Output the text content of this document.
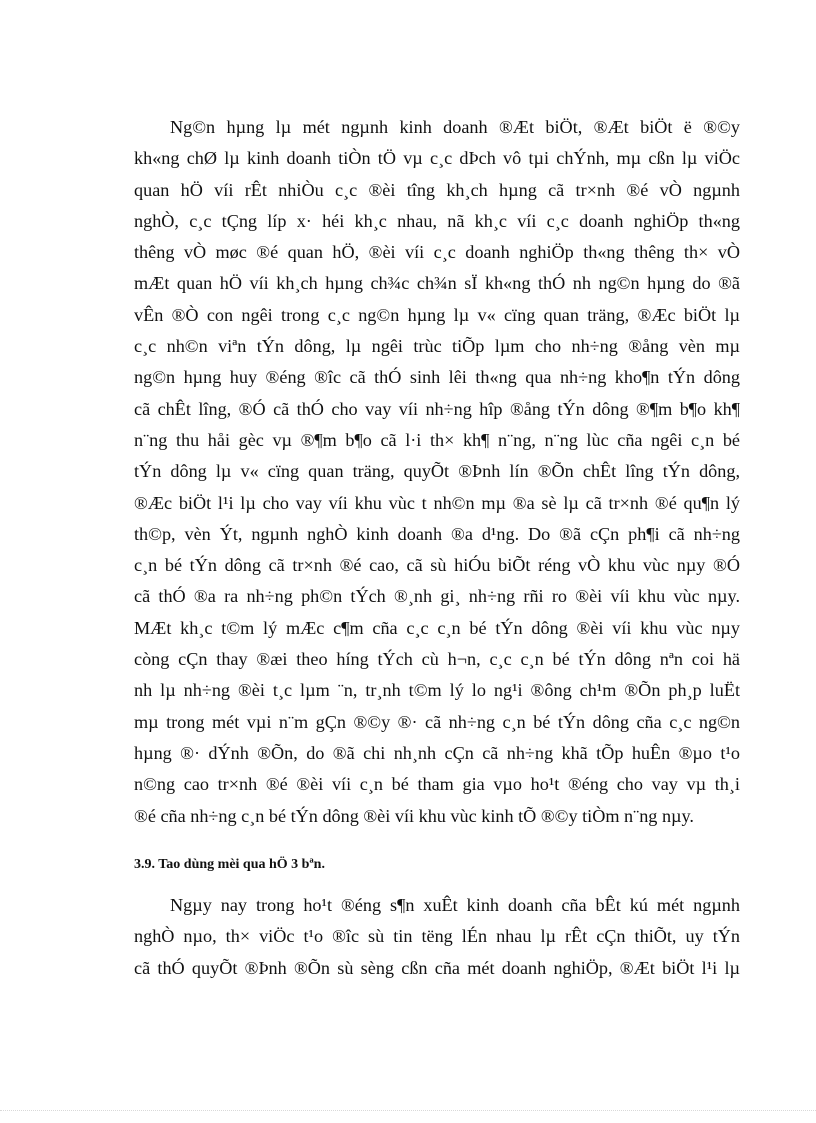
Ng©n hµng lµ mét ngµnh kinh doanh ®Æt biÖt, ®Æt biÖt ë ®©y
kh«ng chØ lµ kinh doanh tiÒn tÖ vµ c¸c dÞch vô tµi chÝnh, mµ cßn lµ viÖc
quan hÖ víi rÊt nhiÒu c¸c ®èi tîng kh¸ch hµng cã tr×nh ®é vÒ ngµnh
nghÒ, c¸c tÇng líp x· héi kh¸c nhau, nã kh¸c víi c¸c doanh nghiÖp th«ng
thêng vÒ møc ®é quan hÖ, ®èi víi c¸c doanh nghiÖp th«ng thêng th× vÒ
mÆt quan hÖ víi kh¸ch hµng ch¾c ch¾n sÏ kh«ng thÓ nh ng©n hµng do ®ã
vÊn ®Ò con ngêi trong c¸c ng©n hµng lµ v« cïng quan träng, ®Æc biÖt lµ
c¸c nh©n viªn tÝn dông, lµ ngêi trùc tiÕp lµm cho nh÷ng ®ång vèn mµ
ng©n hµng huy ®éng ®îc cã thÓ sinh lêi th«ng qua nh÷ng kho¶n tÝn dông
cã chÊt lîng, ®Ó cã thÓ cho vay víi nh÷ng hîp ®ång tÝn dông ®¶m b¶o kh¶
n¨ng thu håi gèc vµ ®¶m b¶o cã l·i th× kh¶ n¨ng, n¨ng lùc cña ngêi c¸n bé
tÝn dông lµ v« cïng quan träng, quyÕt ®Þnh lín ®Õn chÊt lîng tÝn dông,
®Æc biÖt l¹i lµ cho vay víi khu vùc t nh©n mµ ®a sè lµ cã tr×nh ®é qu¶n lý
th©p, vèn Ýt, ngµnh nghÒ kinh doanh ®a d¹ng. Do ®ã cÇn ph¶i cã nh÷ng
c¸n bé tÝn dông cã tr×nh ®é cao, cã sù hiÓu biÕt réng vÒ khu vùc nµy ®Ó
cã thÓ ®a ra nh÷ng ph©n tÝch ®¸nh gi¸ nh÷ng rñi ro ®èi víi khu vùc nµy.
MÆt kh¸c t©m lý mÆc c¶m cña c¸c c¸n bé tÝn dông ®èi víi khu vùc nµy
còng cÇn thay ®æi theo híng tÝch cù h¬n, c¸c c¸n bé tÝn dông nªn coi hä
nh lµ nh÷ng ®èi t¸c lµm ¨n, tr¸nh t©m lý lo ng¹i ®ông ch¹m ®Õn ph¸p luËt
mµ trong mét vµi n¨m gÇn ®©y ®· cã nh÷ng c¸n bé tÝn dông cña c¸c ng©n
hµng ®· dÝnh ®Õn, do ®ã chi nh¸nh cÇn cã nh÷ng khã tÕp huÊn ®µo t¹o
n©ng cao tr×nh ®é ®èi víi c¸n bé tham gia vµo ho¹t ®éng cho vay vµ th¸i
®é cña nh÷ng c¸n bé tÝn dông ®èi víi khu vùc kinh tÕ ®©y tiÒm n¨ng nµy.
3.9. Tao dùng mèi qua hÖ 3 bªn.
Ngµy nay trong ho¹t ®éng s¶n xuÊt kinh doanh cña bÊt kú mét ngµnh
nghÒ nµo, th× viÖc t¹o ®îc sù tin tëng lÉn nhau lµ rÊt cÇn thiÕt, uy tÝn
cã thÓ quyÕt ®Þnh ®Õn sù sèng cßn cña mét doanh nghiÖp, ®Æt biÖt l¹i lµ
